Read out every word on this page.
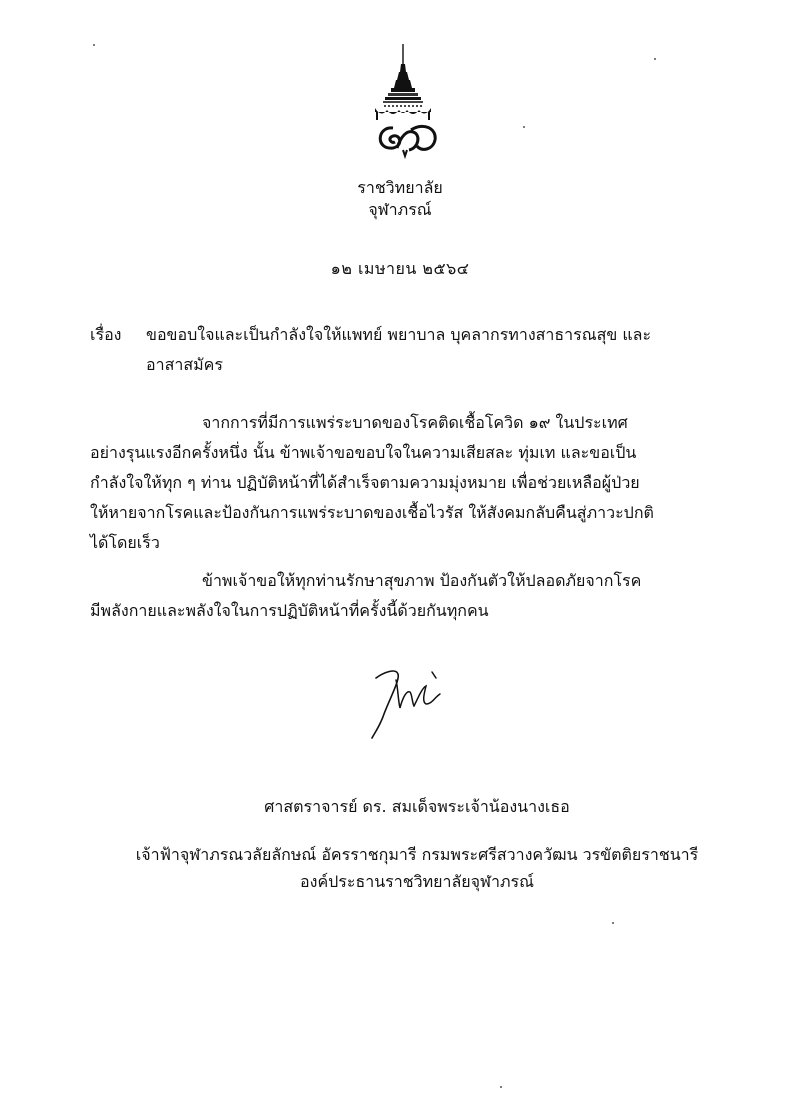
ราชวิทยาลัย
จุฬาภรณ์
๑๒ เมษายน ๒๕๖๔
เรื่อง ขอขอบใจและเป็นกำลังใจให้แพทย์ พยาบาล บุคลากรทางสาธารณสุข และ
อาสาสมัคร
จากการที่มีการแพร่ระบาดของโรคติดเชื้อโควิด ๑๙ ในประเทศ
อย่างรุนแรงอีกครั้งหนึ่ง นั้น ข้าพเจ้าขอขอบใจในความเสียสละ ทุ่มเท และขอเป็น
กำลังใจให้ทุก ๆ ท่าน ปฏิบัติหน้าที่ได้สำเร็จตามความมุ่งหมาย เพื่อช่วยเหลือผู้ป่วย
ให้หายจากโรคและป้องกันการแพร่ระบาดของเชื้อไวรัส ให้สังคมกลับคืนสู่ภาวะปกติ
ได้โดยเร็ว
ข้าพเจ้าขอให้ทุกท่านรักษาสุขภาพ ป้องกันตัวให้ปลอดภัยจากโรค
มีพลังกายและพลังใจในการปฏิบัติหน้าที่ครั้งนี้ด้วยกันทุกคน
ศาสตราจารย์ ดร. สมเด็จพระเจ้าน้องนางเธอ
เจ้าฟ้าจุฬาภรณวลัยลักษณ์ อัครราชกุมารี กรมพระศรีสวางควัฒน วรขัตติยราชนารี
องค์ประธานราชวิทยาลัยจุฬาภรณ์
